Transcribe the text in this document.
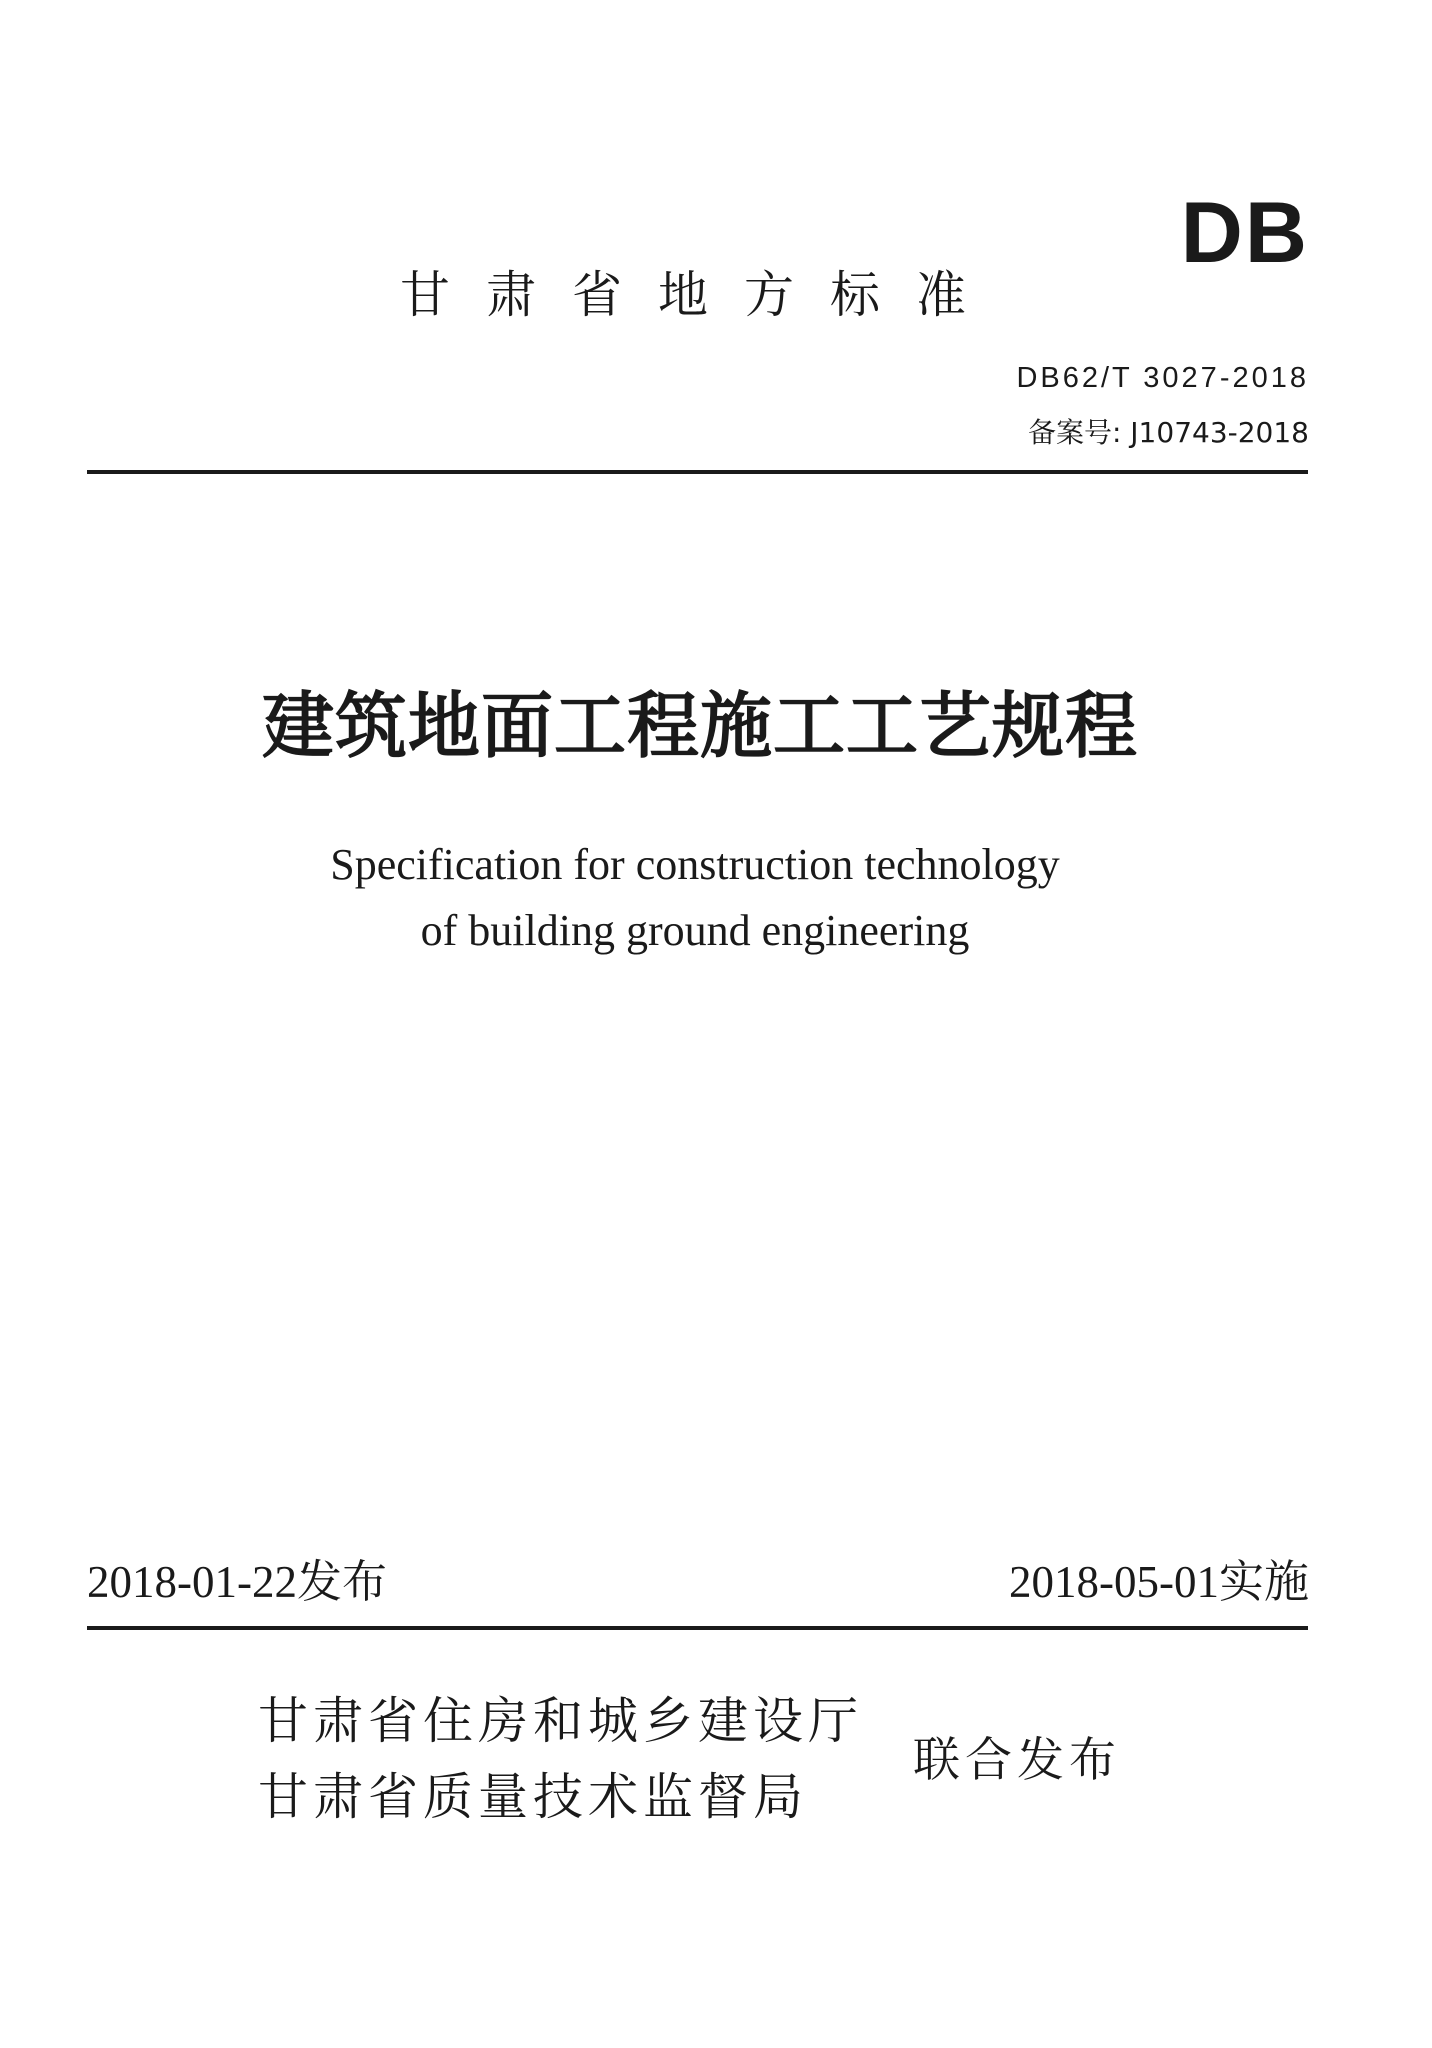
DB
甘肃省地方标准
DB62/T 3027-2018
备案号: J10743-2018
建筑地面工程施工工艺规程
Specification for construction technology
of building ground engineering
2018-01-22发布	2018-05-01实施
甘肃省住房和城乡建设厅
甘肃省质量技术监督局
联合发布
